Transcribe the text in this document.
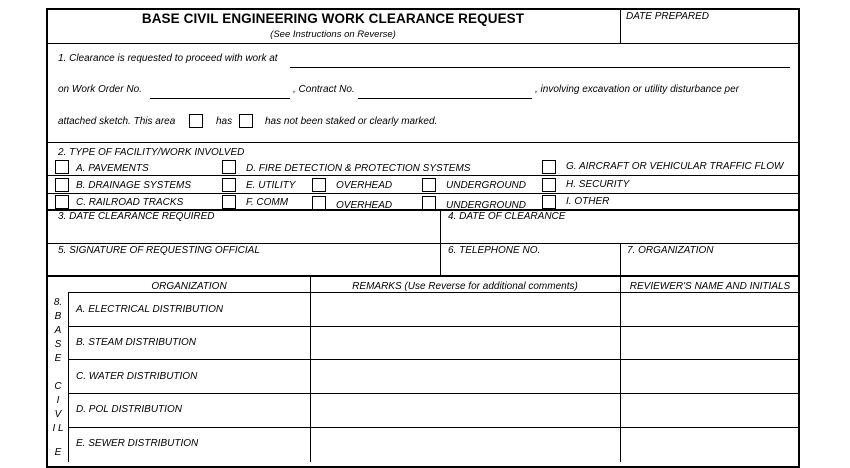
BASE CIVIL ENGINEERING WORK CLEARANCE REQUEST
(See Instructions on Reverse)
DATE PREPARED
1. Clearance is requested to proceed with work at
on Work Order No.	, Contract No.	, involving excavation or utility disturbance per
attached sketch. This area	has	has not been staked or clearly marked.
2. TYPE OF FACILITY/WORK INVOLVED
A. PAVEMENTS	D. FIRE DETECTION & PROTECTION SYSTEMS	G. AIRCRAFT OR VEHICULAR TRAFFIC FLOW
B. DRAINAGE SYSTEMS	E. UTILITY	OVERHEAD	UNDERGROUND	H. SECURITY
C. RAILROAD TRACKS	F. COMM	OVERHEAD	UNDERGROUND	I. OTHER
3. DATE CLEARANCE REQUIRED	4. DATE OF CLEARANCE
5. SIGNATURE OF REQUESTING OFFICIAL	6. TELEPHONE NO.	7. ORGANIZATION
ORGANIZATION	REMARKS (Use Reverse for additional comments)	REVIEWER'S NAME AND INITIALS
8.
B
A
S
E
C
I
V
I L
E
A. ELECTRICAL DISTRIBUTION
B. STEAM DISTRIBUTION
C. WATER DISTRIBUTION
D. POL DISTRIBUTION
E. SEWER DISTRIBUTION
